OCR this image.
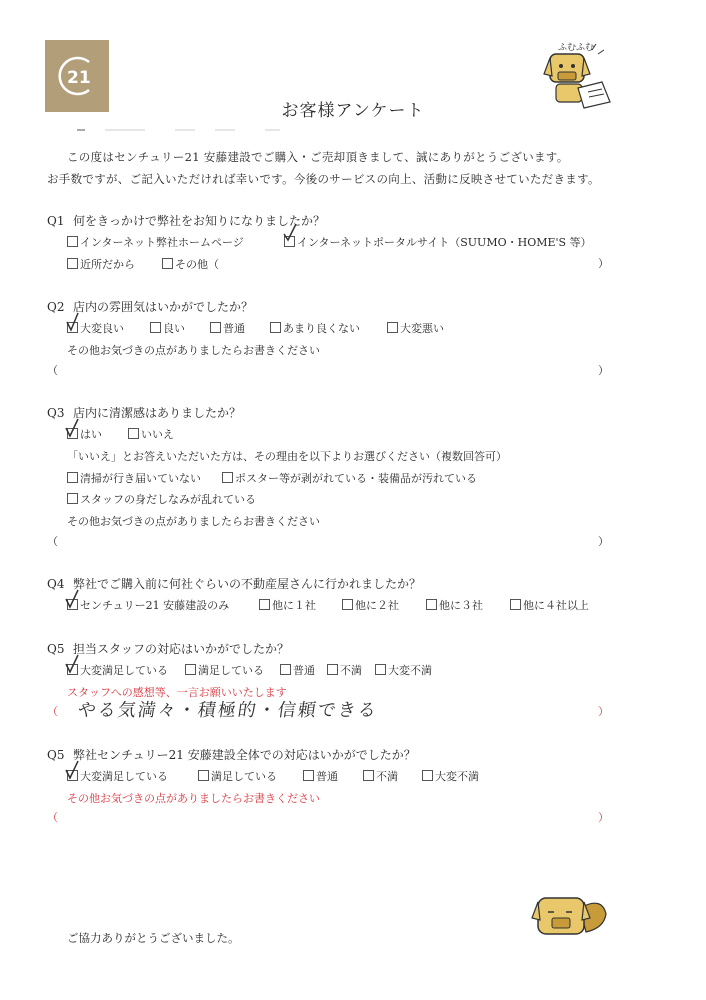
21
ふむふむ
お客様アンケート
この度はセンチュリー21 安藤建設でご購入・ご売却頂きまして、誠にありがとうございます。
お手数ですが、ご記入いただければ幸いです。今後のサービスの向上、活動に反映させていただきます。
Q1 何をきっかけで弊社をお知りになりましたか？
インターネット弊社ホームページ	インターネットポータルサイト（SUUMO・HOME'S 等）
近所だから	その他（	）
Q2 店内の雰囲気はいかがでしたか？
大変良い	良い	普通	あまり良くない	大変悪い
その他お気づきの点がありましたらお書きください
（	）
Q3 店内に清潔感はありましたか？
はい	いいえ
「いいえ」とお答えいただいた方は、その理由を以下よりお選びください（複数回答可）
清掃が行き届いていない	ポスター等が剥がれている・装備品が汚れている
スタッフの身だしなみが乱れている
その他お気づきの点がありましたらお書きください
（	）
Q4 弊社でご購入前に何社ぐらいの不動産屋さんに行かれましたか？
センチュリー21 安藤建設のみ	他に１社	他に２社	他に３社	他に４社以上
Q5 担当スタッフの対応はいかがでしたか？
大変満足している	満足している	普通	不満	大変不満
スタッフへの感想等、一言お願いいたします
（ やる気満々・積極的・信頼できる	）
Q5 弊社センチュリー21 安藤建設全体での対応はいかがでしたか？
大変満足している	満足している	普通	不満	大変不満
その他お気づきの点がありましたらお書きください
（	）
ご協力ありがとうございました。
